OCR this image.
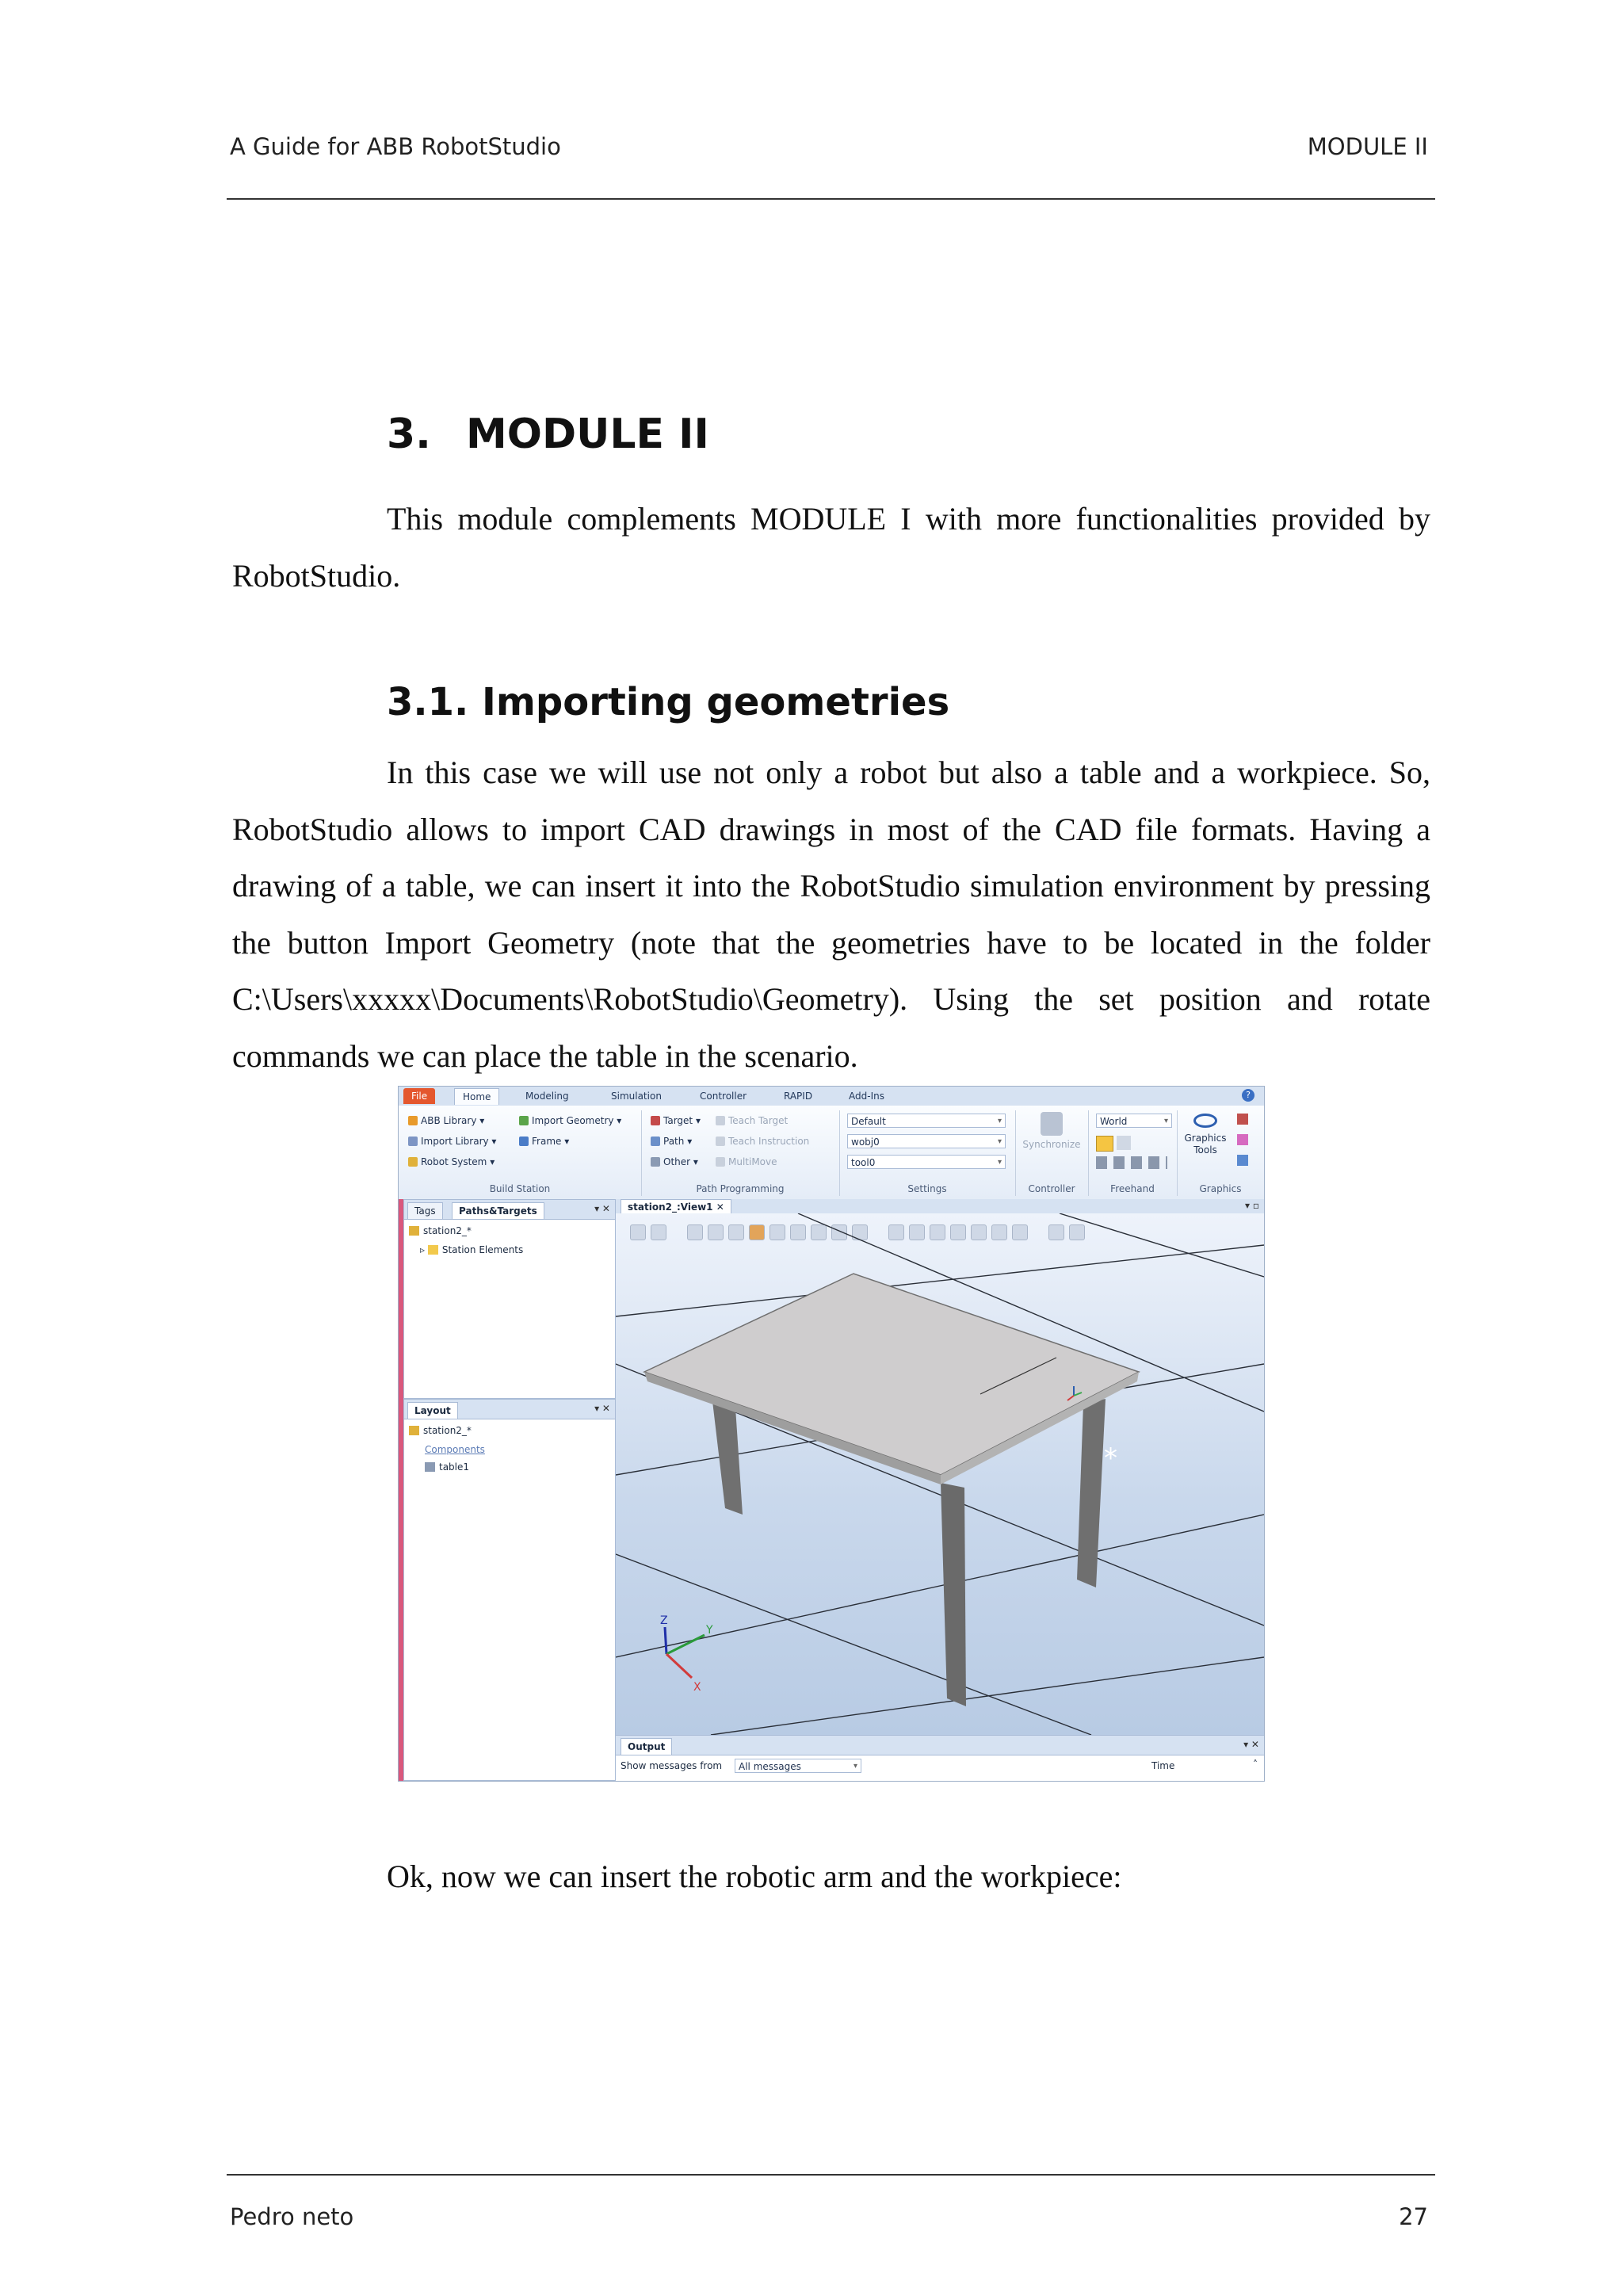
A Guide for ABB RobotStudio	MODULE II
3. MODULE II

This module complements MODULE I with more functionalities provided by RobotStudio.

3.1. Importing geometries

In this case we will use not only a robot but also a table and a workpiece. So, RobotStudio allows to import CAD drawings in most of the CAD file formats. Having a drawing of a table, we can insert it into the RobotStudio simulation environment by pressing the button Import Geometry (note that the geometries have to be located in the folder C:\Users\xxxxx\Documents\RobotStudio\Geometry). Using the set position and rotate commands we can place the table in the scenario.

File	Home	Modeling	Simulation	Controller	RAPID	Add-Ins	?
ABB Library ▾
Import Library ▾
Robot System ▾
Import Geometry ▾
Frame ▾
Build Station
Target ▾
Path ▾
Other ▾
Teach Target
Teach Instruction
MultiMove
Path Programming
Default ▾
wobj0 ▾
tool0 ▾
Settings
Synchronize
Controller
World ▾
Freehand
Graphics
Tools
Graphics
Tags	Paths&Targets	▾ ✕
station2_*
▹ Station Elements
Layout	▾ ✕
station2_*
Components
table1
station2_:View1 ✕	▾ ▫
*
Z
Y
X
Output	▾ ✕
Show messages from	All messages ▾	Time	˄

Ok, now we can insert the robotic arm and the workpiece:

Pedro neto	27
